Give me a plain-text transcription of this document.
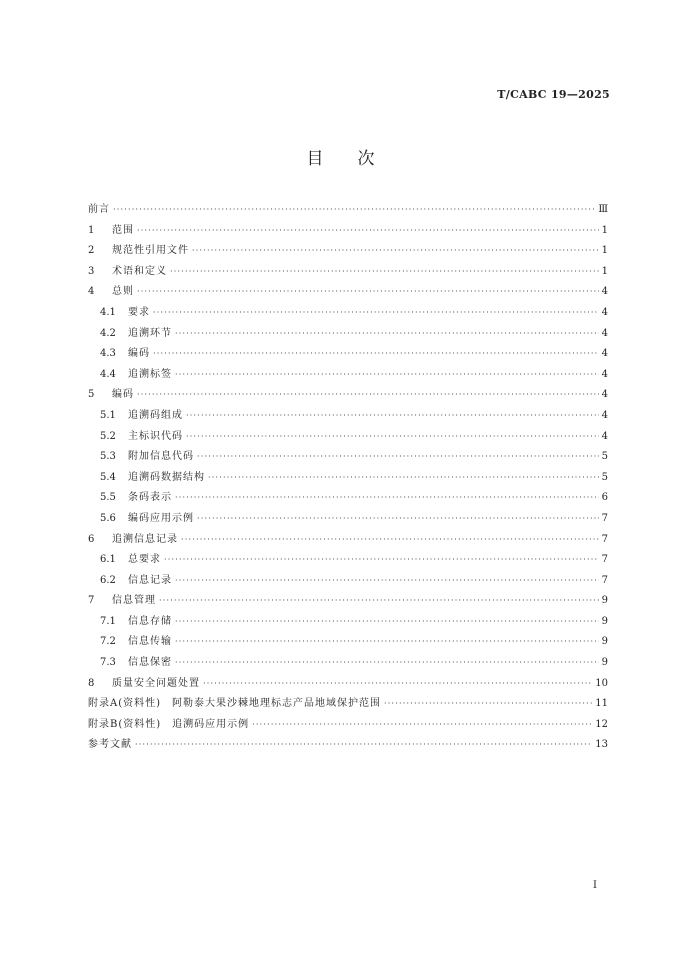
T/CABC 19—2025
目 次
前言 ·····	Ⅲ
1	范围 ·····	1
2	规范性引用文件 ·····	1
3	术语和定义 ·····	1
4	总则 ·····	4
4.1	要求 ·····	4
4.2	追溯环节 ·····	4
4.3	编码 ·····	4
4.4	追溯标签 ·····	4
5	编码 ·····	4
5.1	追溯码组成 ·····	4
5.2	主标识代码 ·····	4
5.3	附加信息代码 ·····	5
5.4	追溯码数据结构 ·····	5
5.5	条码表示 ·····	6
5.6	编码应用示例 ·····	7
6	追溯信息记录 ·····	7
6.1	总要求 ·····	7
6.2	信息记录 ·····	7
7	信息管理 ·····	9
7.1	信息存储 ·····	9
7.2	信息传输 ·····	9
7.3	信息保密 ·····	9
8	质量安全问题处置 ·····	10
附录A(资料性)　阿勒泰大果沙棘地理标志产品地域保护范围 ·····	11
附录B(资料性)　追溯码应用示例 ·····	12
参考文献 ·····	13
Ⅰ
